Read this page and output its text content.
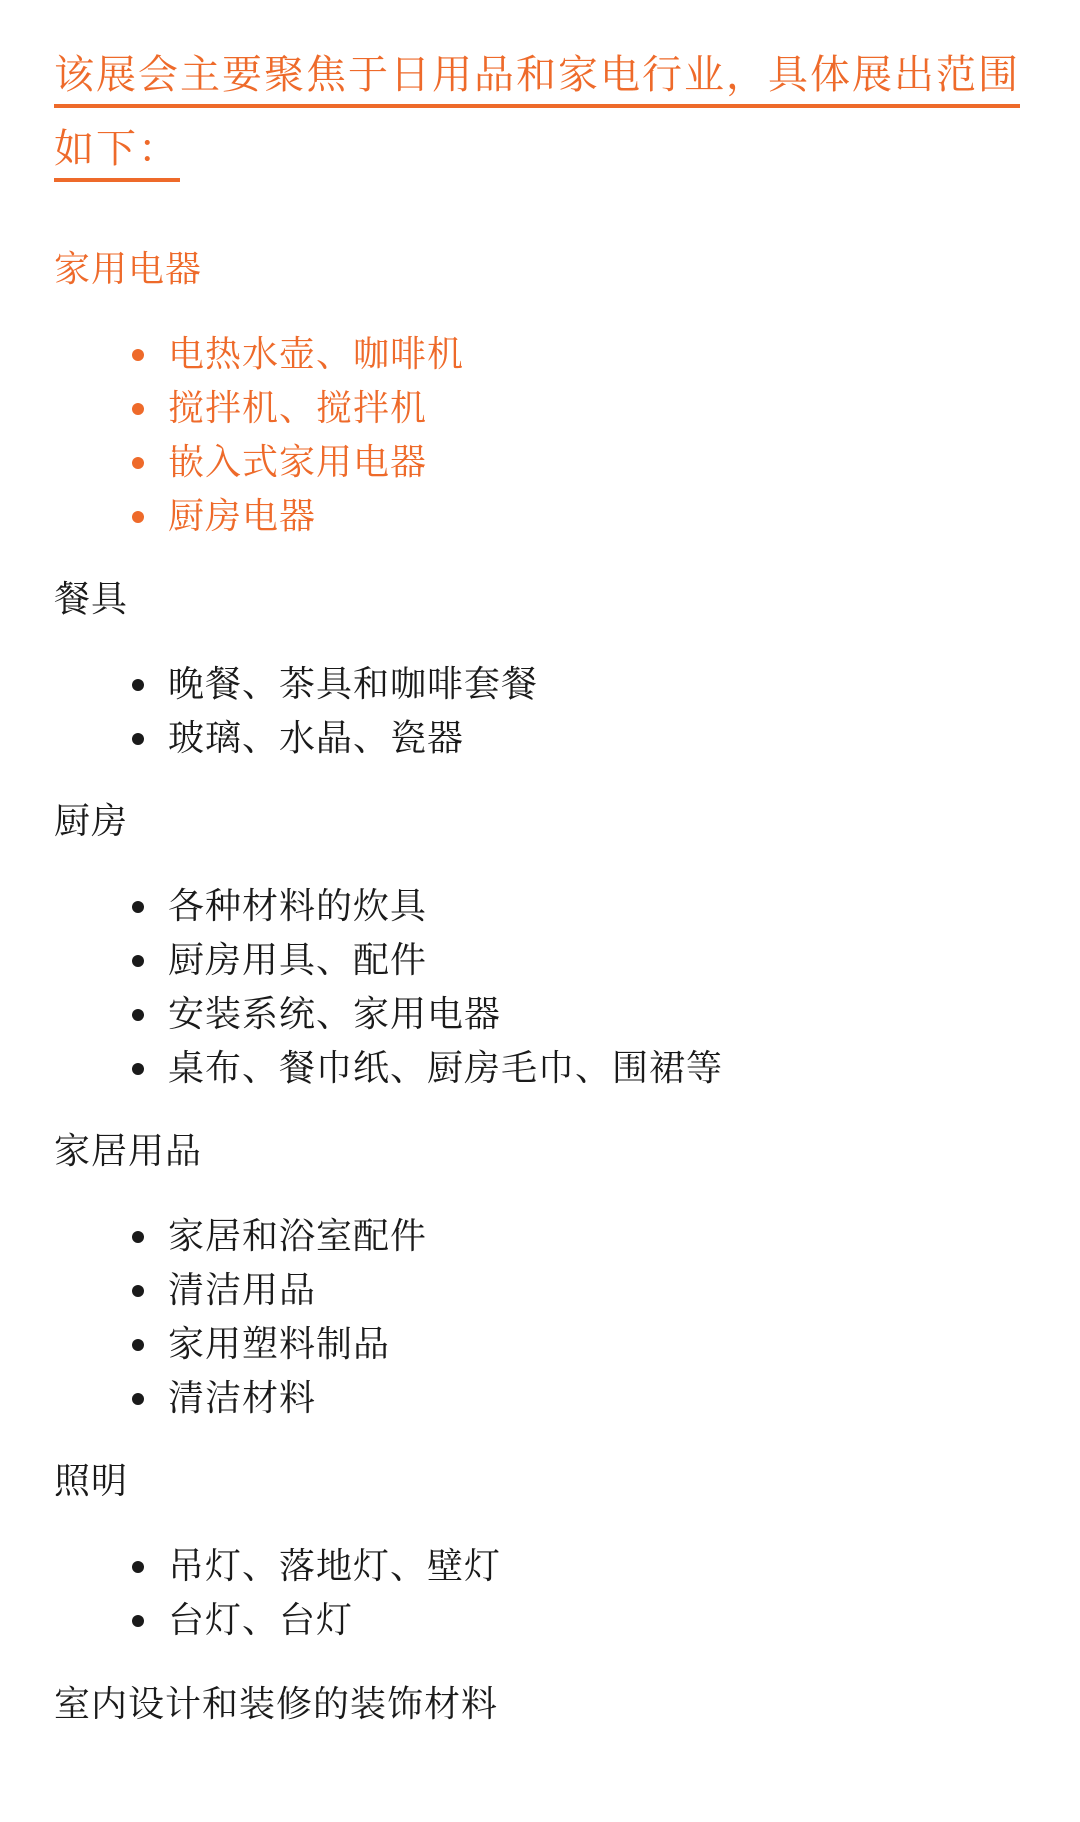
该展会主要聚焦于日用品和家电行业，具体展出范围如下：

家用电器
电热水壶、咖啡机
搅拌机、搅拌机
嵌入式家用电器
厨房电器
餐具
晚餐、茶具和咖啡套餐
玻璃、水晶、瓷器
厨房
各种材料的炊具
厨房用具、配件
安装系统、家用电器
桌布、餐巾纸、厨房毛巾、围裙等
家居用品
家居和浴室配件
清洁用品
家用塑料制品
清洁材料
照明
吊灯、落地灯、壁灯
台灯、台灯
室内设计和装修的装饰材料
